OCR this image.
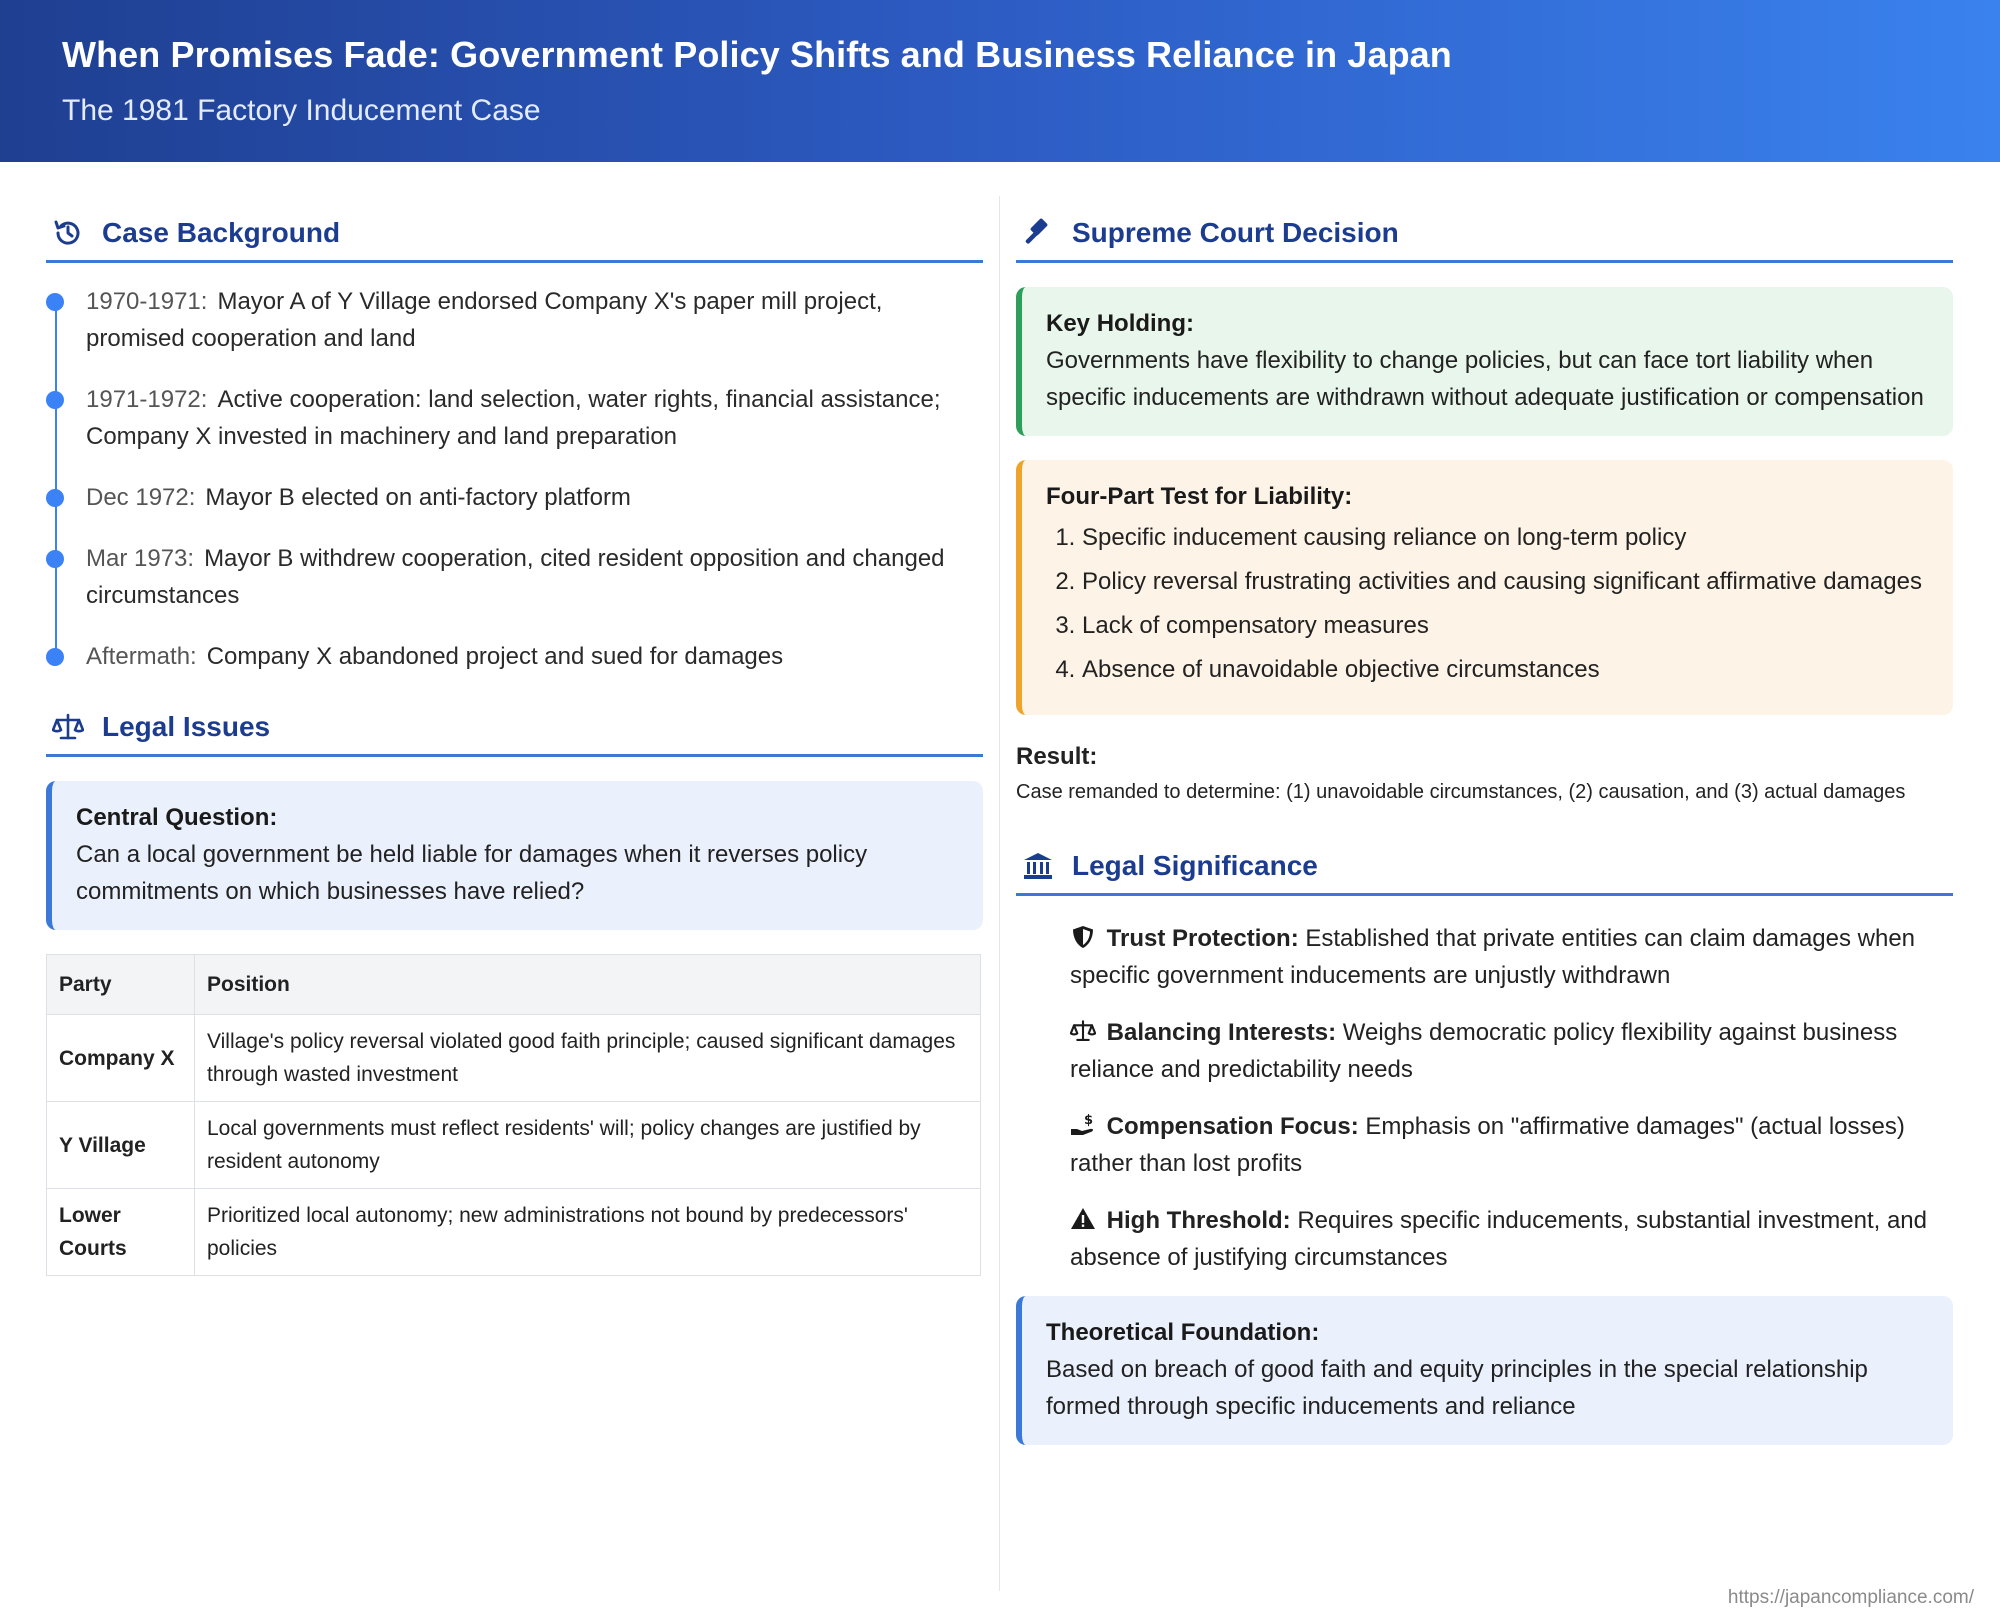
When Promises Fade: Government Policy Shifts and Business Reliance in Japan
The 1981 Factory Inducement Case
Case Background
1970-1971: Mayor A of Y Village endorsed Company X's paper mill project, promised cooperation and land
1971-1972: Active cooperation: land selection, water rights, financial assistance; Company X invested in machinery and land preparation
Dec 1972: Mayor B elected on anti-factory platform
Mar 1973: Mayor B withdrew cooperation, cited resident opposition and changed circumstances
Aftermath: Company X abandoned project and sued for damages
Legal Issues
Central Question:
Can a local government be held liable for damages when it reverses policy commitments on which businesses have relied?
Party	Position
Company X	Village's policy reversal violated good faith principle; caused significant damages through wasted investment
Y Village	Local governments must reflect residents' will; policy changes are justified by resident autonomy
Lower Courts	Prioritized local autonomy; new administrations not bound by predecessors' policies
Supreme Court Decision
Key Holding:
Governments have flexibility to change policies, but can face tort liability when specific inducements are withdrawn without adequate justification or compensation
Four-Part Test for Liability:
1. Specific inducement causing reliance on long-term policy
2. Policy reversal frustrating activities and causing significant affirmative damages
3. Lack of compensatory measures
4. Absence of unavoidable objective circumstances
Result:
Case remanded to determine: (1) unavoidable circumstances, (2) causation, and (3) actual damages
Legal Significance
Trust Protection: Established that private entities can claim damages when specific government inducements are unjustly withdrawn
Balancing Interests: Weighs democratic policy flexibility against business reliance and predictability needs
$ Compensation Focus: Emphasis on "affirmative damages" (actual losses) rather than lost profits
High Threshold: Requires specific inducements, substantial investment, and absence of justifying circumstances
Theoretical Foundation:
Based on breach of good faith and equity principles in the special relationship formed through specific inducements and reliance
https://japancompliance.com/
